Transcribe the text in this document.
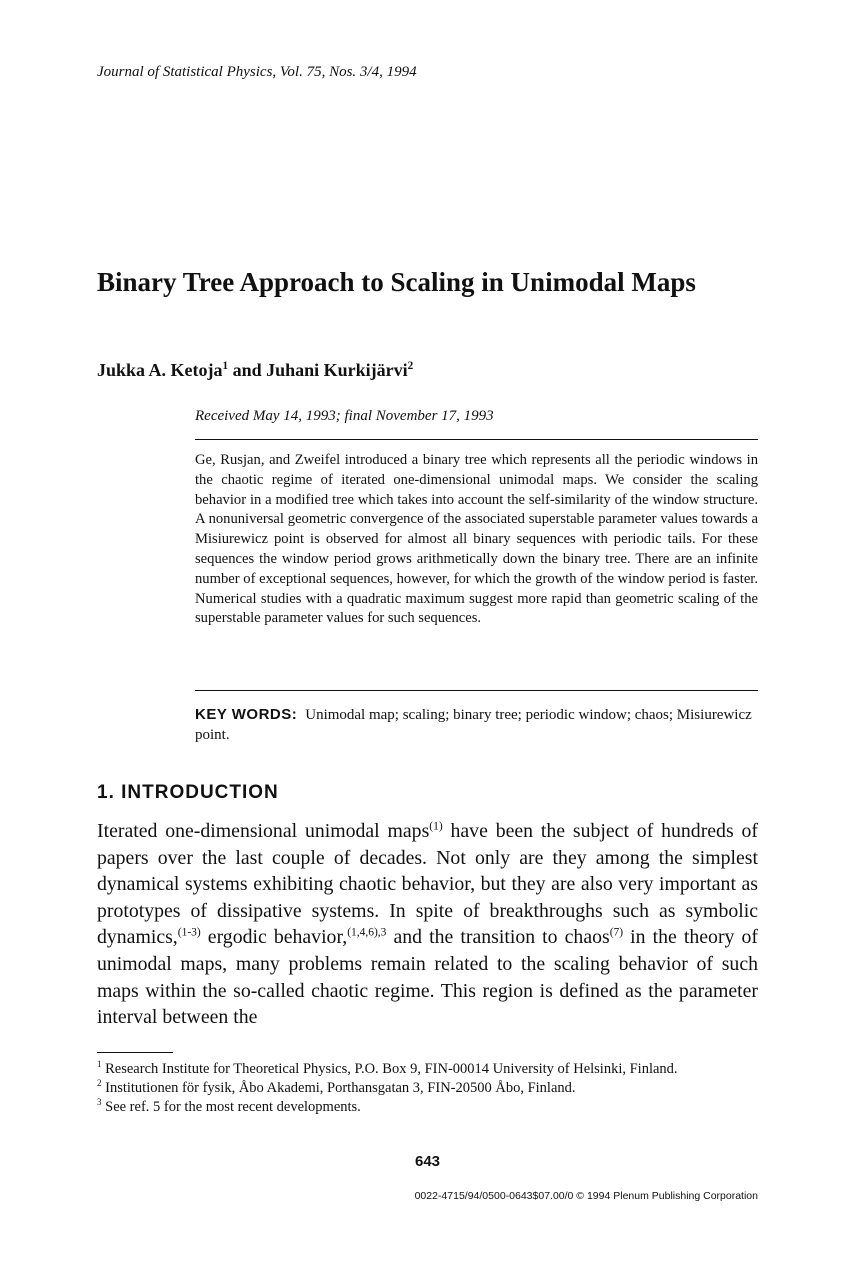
Journal of Statistical Physics, Vol. 75, Nos. 3/4, 1994
Binary Tree Approach to Scaling in Unimodal Maps
Jukka A. Ketoja$^1$ and Juhani Kurkijärvi$^2$
Received May 14, 1993; final November 17, 1993
Ge, Rusjan, and Zweifel introduced a binary tree which represents all the periodic windows in the chaotic regime of iterated one-dimensional unimodal maps. We consider the scaling behavior in a modified tree which takes into account the self-similarity of the window structure. A nonuniversal geometric convergence of the associated superstable parameter values towards a Misiurewicz point is observed for almost all binary sequences with periodic tails. For these sequences the window period grows arithmetically down the binary tree. There are an infinite number of exceptional sequences, however, for which the growth of the window period is faster. Numerical studies with a quadratic maximum suggest more rapid than geometric scaling of the superstable parameter values for such sequences.
KEY WORDS: Unimodal map; scaling; binary tree; periodic window; chaos; Misiurewicz point.
1. INTRODUCTION
Iterated one-dimensional unimodal maps$^{(1)}$ have been the subject of hundreds of papers over the last couple of decades. Not only are they among the simplest dynamical systems exhibiting chaotic behavior, but they are also very important as prototypes of dissipative systems. In spite of breakthroughs such as symbolic dynamics,$^{(1-3)}$ ergodic behavior,$^{(1,4,6),3}$ and the transition to chaos$^{(7)}$ in the theory of unimodal maps, many problems remain related to the scaling behavior of such maps within the so-called chaotic regime. This region is defined as the parameter interval between the
$^1$ Research Institute for Theoretical Physics, P.O. Box 9, FIN-00014 University of Helsinki, Finland.
$^2$ Institutionen för fysik, Åbo Akademi, Porthansgatan 3, FIN-20500 Åbo, Finland.
$^3$ See ref. 5 for the most recent developments.
643
0022-4715/94/0500-0643$07.00/0 © 1994 Plenum Publishing Corporation
